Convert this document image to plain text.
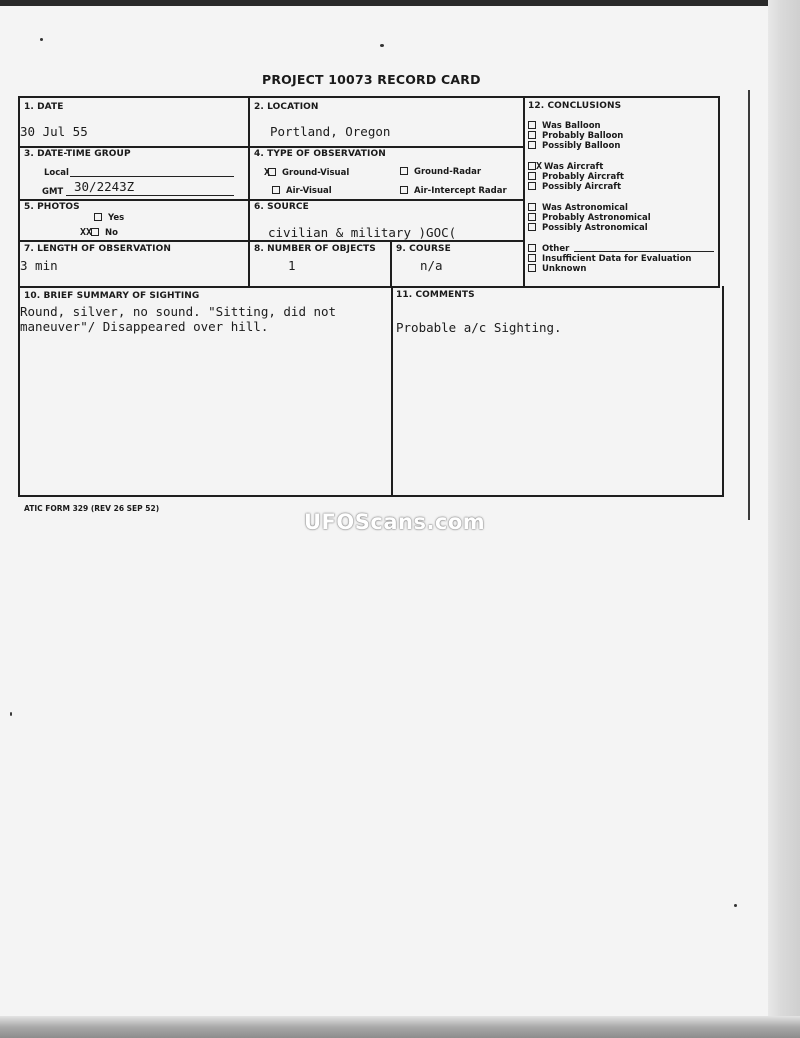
PROJECT 10073 RECORD CARD
1. DATE
30 Jul 55
2. LOCATION
Portland, Oregon
3. DATE-TIME GROUP
Local
GMT 30/2243Z
4. TYPE OF OBSERVATION
X Ground-Visual	Ground-Radar
Air-Visual	Air-Intercept Radar
5. PHOTOS
Yes
XX No
6. SOURCE
civilian & military )GOC(
7. LENGTH OF OBSERVATION
3 min
8. NUMBER OF OBJECTS
1
9. COURSE
n/a
10. BRIEF SUMMARY OF SIGHTING
Round, silver, no sound. "Sitting, did not
maneuver"/ Disappeared over hill.
11. COMMENTS
Probable a/c Sighting.
12. CONCLUSIONS
Was Balloon
Probably Balloon
Possibly Balloon
X Was Aircraft
Probably Aircraft
Possibly Aircraft
Was Astronomical
Probably Astronomical
Possibly Astronomical
Other
Insufficient Data for Evaluation
Unknown
ATIC FORM 329 (REV 26 SEP 52)
UFOScans.com
